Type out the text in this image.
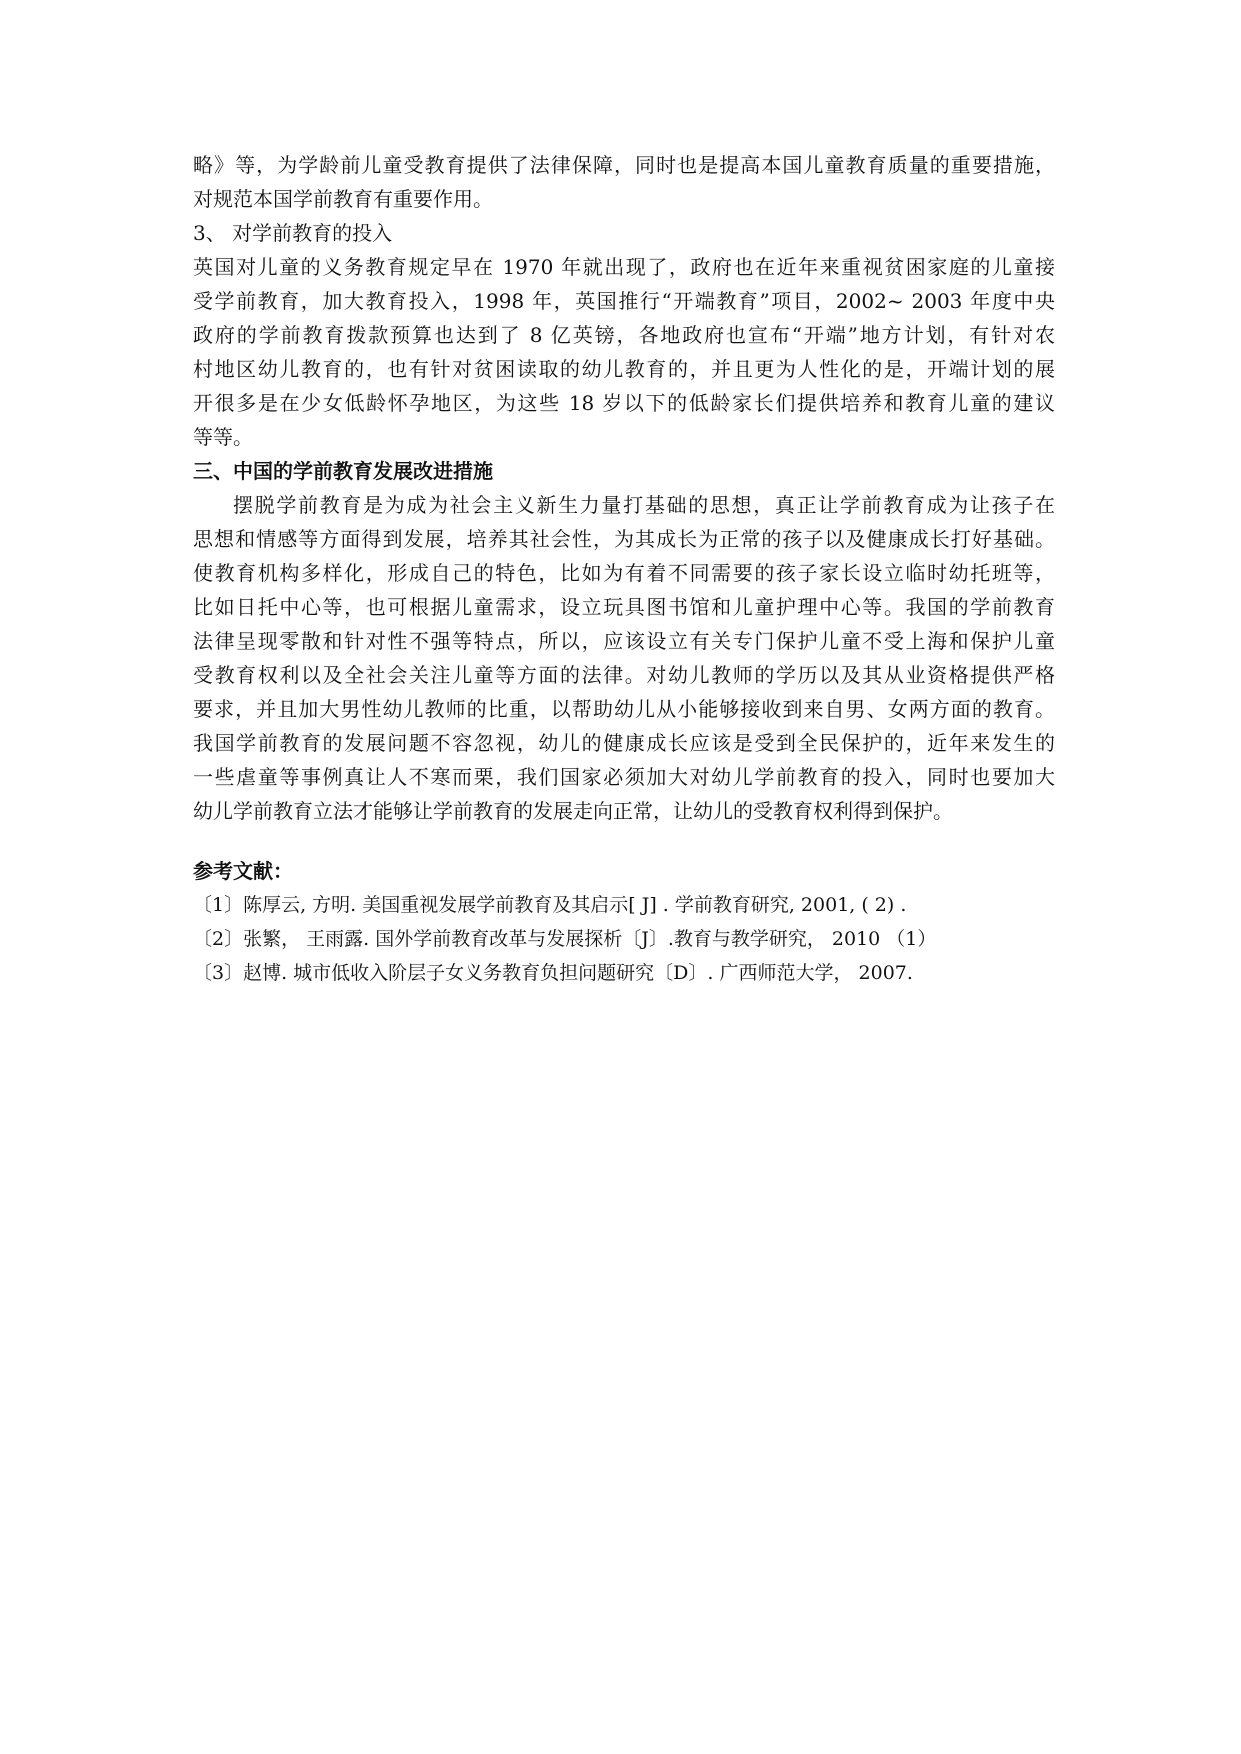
略》等，为学龄前儿童受教育提供了法律保障，同时也是提高本国儿童教育质量的重要措施，
对规范本国学前教育有重要作用。
3、 对学前教育的投入
英国对儿童的义务教育规定早在 1970 年就出现了，政府也在近年来重视贫困家庭的儿童接
受学前教育，加大教育投入，1998 年，英国推行“开端教育”项目，2002~ 2003 年度中央
政府的学前教育拨款预算也达到了 8 亿英镑，各地政府也宣布“开端”地方计划，有针对农
村地区幼儿教育的，也有针对贫困读取的幼儿教育的，并且更为人性化的是，开端计划的展
开很多是在少女低龄怀孕地区，为这些 18 岁以下的低龄家长们提供培养和教育儿童的建议
等等。
三、中国的学前教育发展改进措施
摆脱学前教育是为成为社会主义新生力量打基础的思想，真正让学前教育成为让孩子在
思想和情感等方面得到发展，培养其社会性，为其成长为正常的孩子以及健康成长打好基础。
使教育机构多样化，形成自己的特色，比如为有着不同需要的孩子家长设立临时幼托班等，
比如日托中心等，也可根据儿童需求，设立玩具图书馆和儿童护理中心等。我国的学前教育
法律呈现零散和针对性不强等特点，所以，应该设立有关专门保护儿童不受上海和保护儿童
受教育权利以及全社会关注儿童等方面的法律。对幼儿教师的学历以及其从业资格提供严格
要求，并且加大男性幼儿教师的比重，以帮助幼儿从小能够接收到来自男、女两方面的教育。
我国学前教育的发展问题不容忽视，幼儿的健康成长应该是受到全民保护的，近年来发生的
一些虐童等事例真让人不寒而栗，我们国家必须加大对幼儿学前教育的投入，同时也要加大
幼儿学前教育立法才能够让学前教育的发展走向正常，让幼儿的受教育权利得到保护。
参考文献：
〔1〕陈厚云, 方明. 美国重视发展学前教育及其启示[ J] . 学前教育研究, 2001, ( 2) .
〔2〕张繁， 王雨露. 国外学前教育改革与发展探析〔J〕.教育与教学研究， 2010 （1）
〔3〕赵博. 城市低收入阶层子女义务教育负担问题研究〔D〕. 广西师范大学， 2007.
